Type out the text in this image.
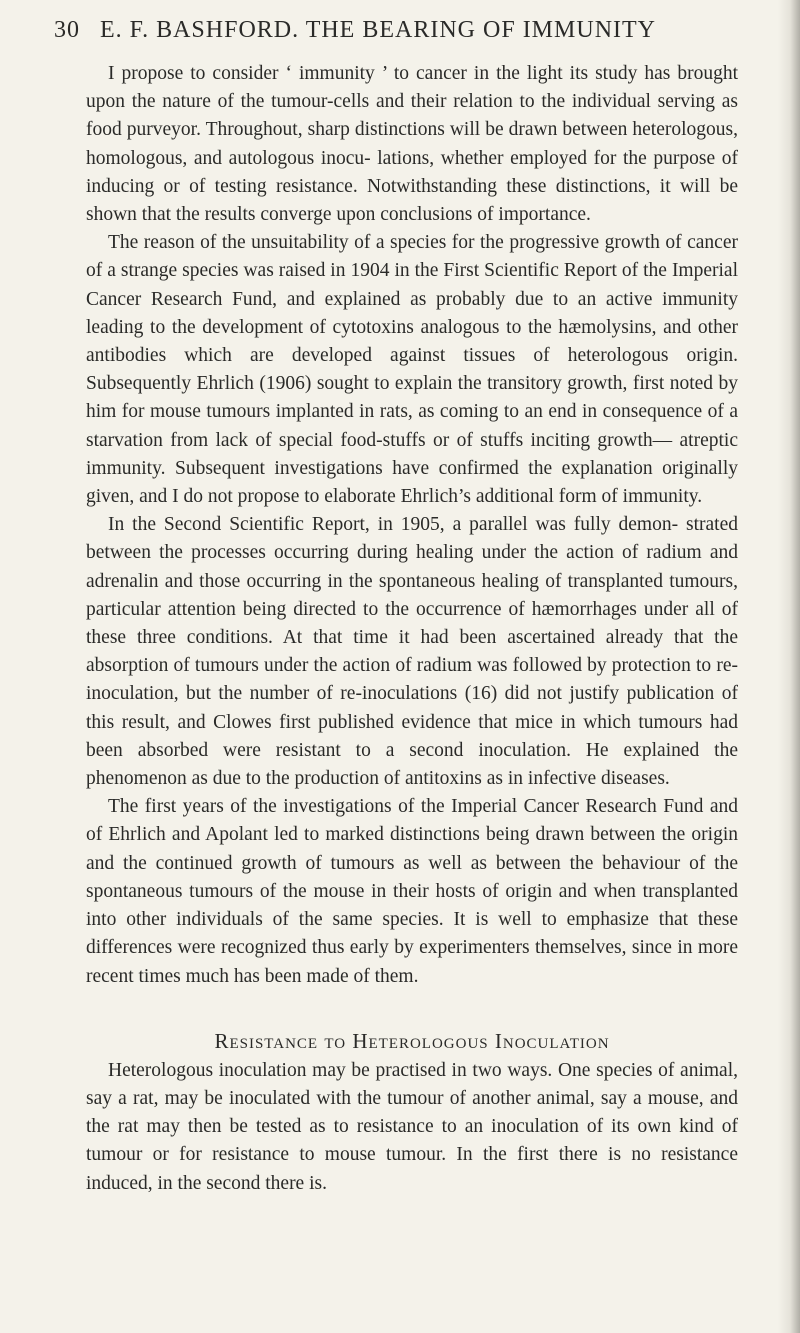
30 E. F. BASHFORD. THE BEARING OF IMMUNITY

I propose to consider ‘ immunity ’ to cancer in the light its study has brought upon the nature of the tumour-cells and their relation to the individual serving as food purveyor. Throughout, sharp distinctions will be drawn between heterologous, homologous, and autologous inocu- lations, whether employed for the purpose of inducing or of testing resistance. Notwithstanding these distinctions, it will be shown that the results converge upon conclusions of importance.

The reason of the unsuitability of a species for the progressive growth of cancer of a strange species was raised in 1904 in the First Scientific Report of the Imperial Cancer Research Fund, and explained as probably due to an active immunity leading to the development of cytotoxins analogous to the hæmolysins, and other antibodies which are developed against tissues of heterologous origin. Subsequently Ehrlich (1906) sought to explain the transitory growth, first noted by him for mouse tumours implanted in rats, as coming to an end in consequence of a starvation from lack of special food-stuffs or of stuffs inciting growth— atreptic immunity. Subsequent investigations have confirmed the explanation originally given, and I do not propose to elaborate Ehrlich’s additional form of immunity.

In the Second Scientific Report, in 1905, a parallel was fully demon- strated between the processes occurring during healing under the action of radium and adrenalin and those occurring in the spontaneous healing of transplanted tumours, particular attention being directed to the occurrence of hæmorrhages under all of these three conditions. At that time it had been ascertained already that the absorption of tumours under the action of radium was followed by protection to re-inoculation, but the number of re-inoculations (16) did not justify publication of this result, and Clowes first published evidence that mice in which tumours had been absorbed were resistant to a second inoculation. He explained the phenomenon as due to the production of antitoxins as in infective diseases.

The first years of the investigations of the Imperial Cancer Research Fund and of Ehrlich and Apolant led to marked distinctions being drawn between the origin and the continued growth of tumours as well as between the behaviour of the spontaneous tumours of the mouse in their hosts of origin and when transplanted into other individuals of the same species. It is well to emphasize that these differences were recognized thus early by experimenters themselves, since in more recent times much has been made of them.

Resistance to Heterologous Inoculation

Heterologous inoculation may be practised in two ways. One species of animal, say a rat, may be inoculated with the tumour of another animal, say a mouse, and the rat may then be tested as to resistance to an inoculation of its own kind of tumour or for resistance to mouse tumour. In the first there is no resistance induced, in the second there is.
